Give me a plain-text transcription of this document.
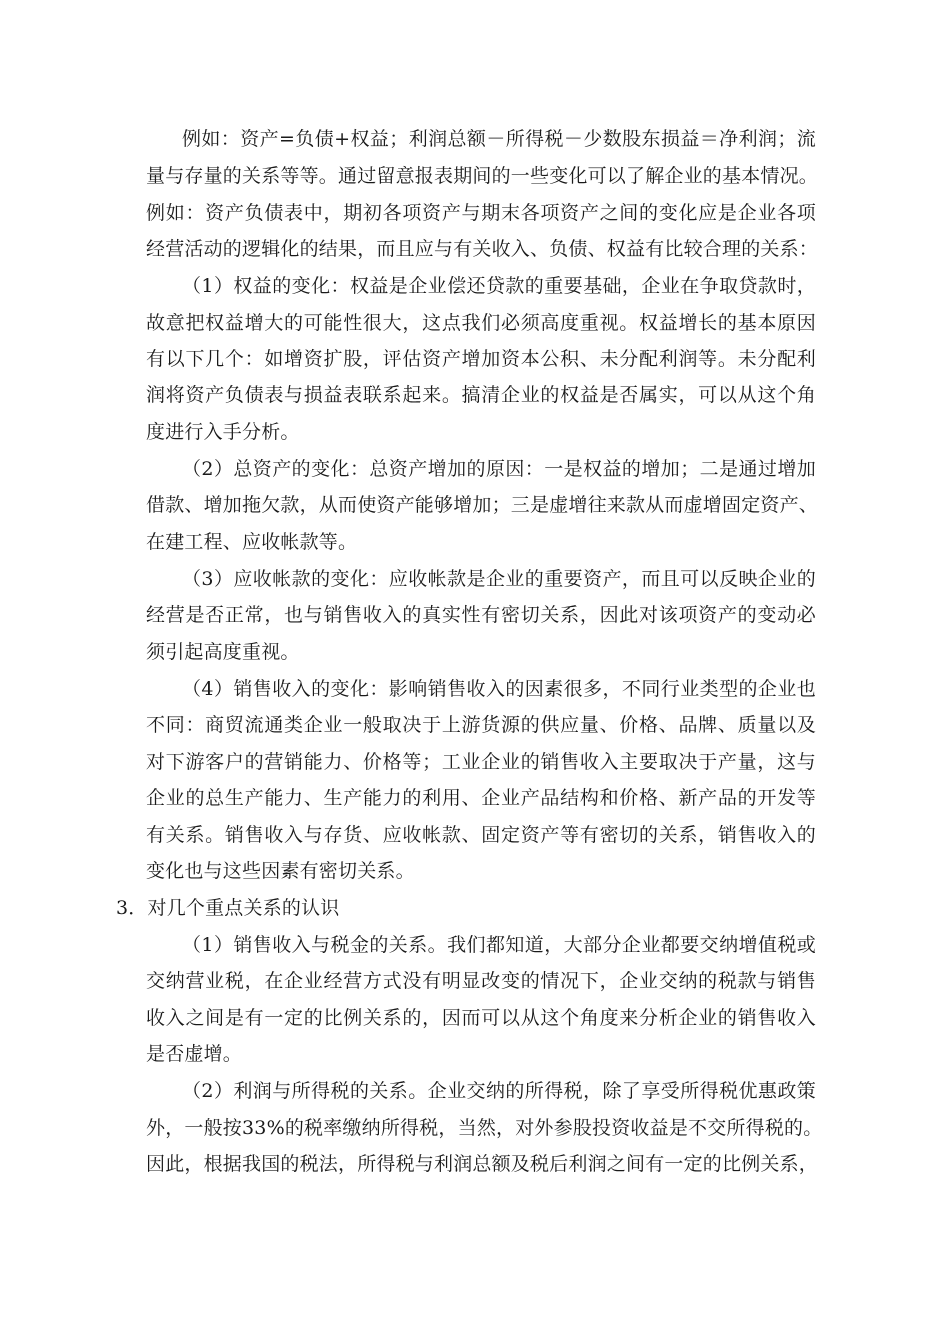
例如：资产=负债+权益；利润总额－所得税－少数股东损益＝净利润；流
量与存量的关系等等。通过留意报表期间的一些变化可以了解企业的基本情况。
例如：资产负债表中，期初各项资产与期末各项资产之间的变化应是企业各项
经营活动的逻辑化的结果，而且应与有关收入、负债、权益有比较合理的关系：
（1）权益的变化：权益是企业偿还贷款的重要基础，企业在争取贷款时，
故意把权益增大的可能性很大，这点我们必须高度重视。权益增长的基本原因
有以下几个：如增资扩股，评估资产增加资本公积、未分配利润等。未分配利
润将资产负债表与损益表联系起来。搞清企业的权益是否属实，可以从这个角
度进行入手分析。
（2）总资产的变化：总资产增加的原因：一是权益的增加；二是通过增加
借款、增加拖欠款，从而使资产能够增加；三是虚增往来款从而虚增固定资产、
在建工程、应收帐款等。
（3）应收帐款的变化：应收帐款是企业的重要资产，而且可以反映企业的
经营是否正常，也与销售收入的真实性有密切关系，因此对该项资产的变动必
须引起高度重视。
（4）销售收入的变化：影响销售收入的因素很多，不同行业类型的企业也
不同：商贸流通类企业一般取决于上游货源的供应量、价格、品牌、质量以及
对下游客户的营销能力、价格等；工业企业的销售收入主要取决于产量，这与
企业的总生产能力、生产能力的利用、企业产品结构和价格、新产品的开发等
有关系。销售收入与存货、应收帐款、固定资产等有密切的关系，销售收入的
变化也与这些因素有密切关系。
3．对几个重点关系的认识
（1）销售收入与税金的关系。我们都知道，大部分企业都要交纳增值税或
交纳营业税，在企业经营方式没有明显改变的情况下，企业交纳的税款与销售
收入之间是有一定的比例关系的，因而可以从这个角度来分析企业的销售收入
是否虚增。
（2）利润与所得税的关系。企业交纳的所得税，除了享受所得税优惠政策
外，一般按33%的税率缴纳所得税，当然，对外参股投资收益是不交所得税的。
因此，根据我国的税法，所得税与利润总额及税后利润之间有一定的比例关系，
